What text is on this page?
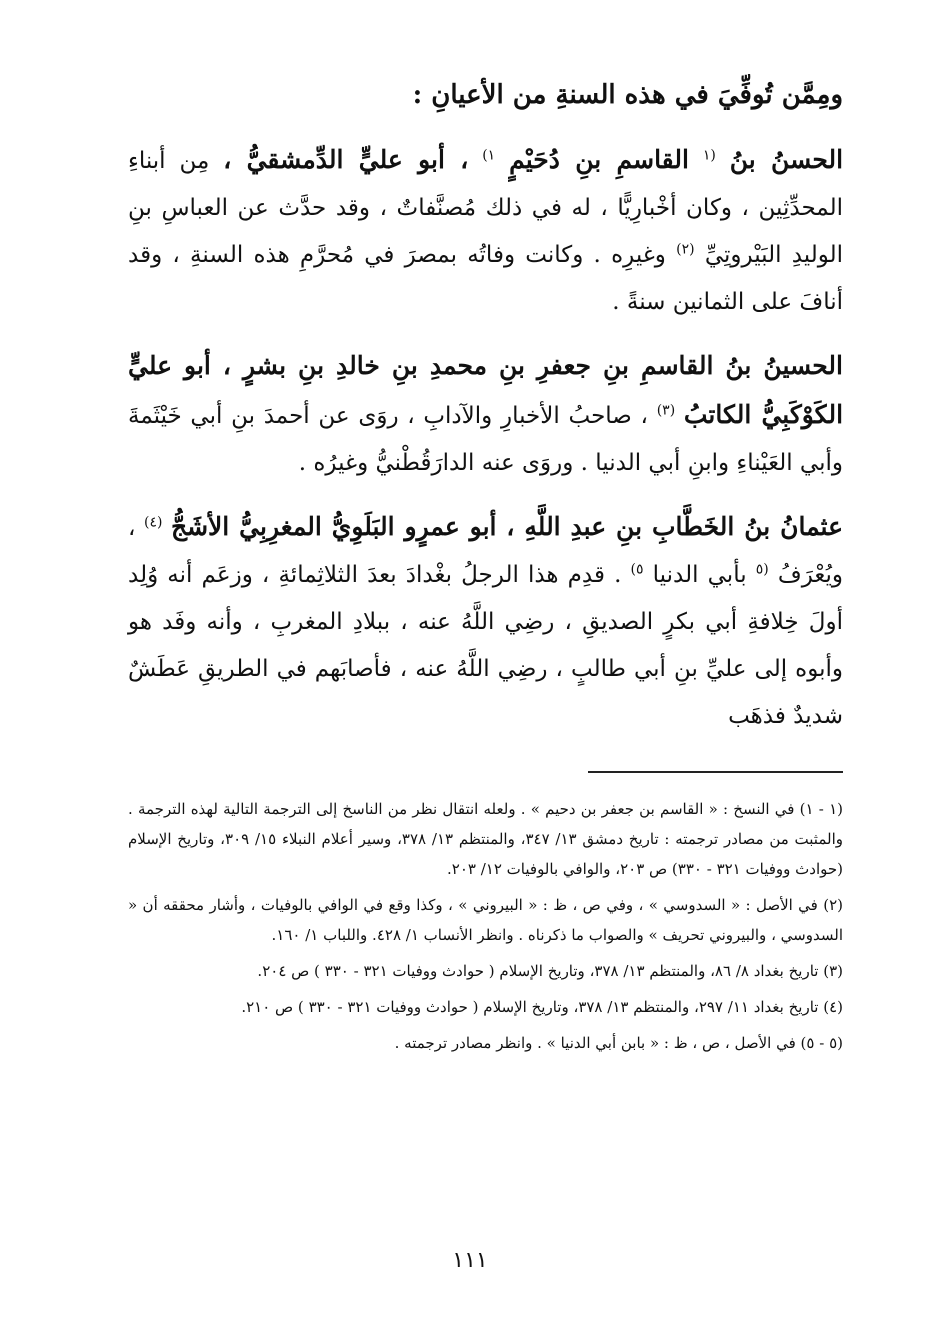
ومِمَّن تُوفِّيَ في هذه السنةِ من الأعيانِ :

الحسنُ بنُ $^{(١}$ القاسمِ بنِ دُحَيْمٍ $^{١)}$ ، أبو عليٍّ الدِّمشقيُّ ، مِن أبناءِ المحدِّثِين ، وكان أخْبارِيًّا ، له في ذلك مُصنَّفاتٌ ، وقد حدَّث عن العباسِ بنِ الوليدِ البَيْروتِيِّ $^{(٢)}$ وغيرِه . وكانت وفاتُه بمصرَ في مُحرَّمِ هذه السنةِ ، وقد أنافَ على الثمانين سنةً .

الحسينُ بنُ القاسمِ بنِ جعفرِ بنِ محمدِ بنِ خالدِ بنِ بشرٍ ، أبو عليٍّ الكَوْكَبِيُّ الكاتبُ $^{(٣)}$ ، صاحبُ الأخبارِ والآدابِ ، روَى عن أحمدَ بنِ أبي خَيْثَمةَ وأبي العَيْناءِ وابنِ أبي الدنيا . وروَى عنه الدارَقُطْنيُّ وغيرُه .

عثمانُ بنُ الخَطَّابِ بنِ عبدِ اللَّهِ ، أبو عمرٍو البَلَوِيُّ المغرِبِيُّ الأشَجُّ $^{(٤)}$ ، ويُعْرَفُ $^{(٥}$ بأبي الدنيا $^{٥)}$ . قدِم هذا الرجلُ بغْدادَ بعدَ الثلاثِمائةِ ، وزعَم أنه وُلِد أولَ خِلافةِ أبي بكرٍ الصديقِ ، رضِي اللَّهُ عنه ، ببلادِ المغربِ ، وأنه وفَد هو وأبوه إلى عليِّ بنِ أبي طالبٍ ، رضِي اللَّهُ عنه ، فأصابَهم في الطريقِ عَطَشٌ شديدٌ فذهَب

(١ - ١) في النسخ : « القاسم بن جعفر بن دحيم » . ولعله انتقال نظر من الناسخ إلى الترجمة التالية لهذه الترجمة . والمثبت من مصادر ترجمته : تاريخ دمشق ١٣/ ٣٤٧، والمنتظم ١٣/ ٣٧٨، وسير أعلام النبلاء ١٥/ ٣٠٩، وتاريخ الإسلام (حوادث ووفيات ٣٢١ - ٣٣٠) ص ٢٠٣، والوافي بالوفيات ١٢/ ٢٠٣.

(٢) في الأصل : « السدوسي » ، وفي ص ، ظ : « البيروني » ، وكذا وقع في الوافي بالوفيات ، وأشار محققه أن « السدوسي ، والبيروني تحريف » والصواب ما ذكرناه . وانظر الأنساب ١/ ٤٢٨. واللباب ١/ ١٦٠.

(٣) تاريخ بغداد ٨/ ٨٦، والمنتظم ١٣/ ٣٧٨، وتاريخ الإسلام ( حوادث ووفيات ٣٢١ - ٣٣٠ ) ص ٢٠٤.

(٤) تاريخ بغداد ١١/ ٢٩٧، والمنتظم ١٣/ ٣٧٨، وتاريخ الإسلام ( حوادث ووفيات ٣٢١ - ٣٣٠ ) ص ٢١٠.

(٥ - ٥) في الأصل ، ص ، ظ : « بابن أبي الدنيا » . وانظر مصادر ترجمته .

١١١
